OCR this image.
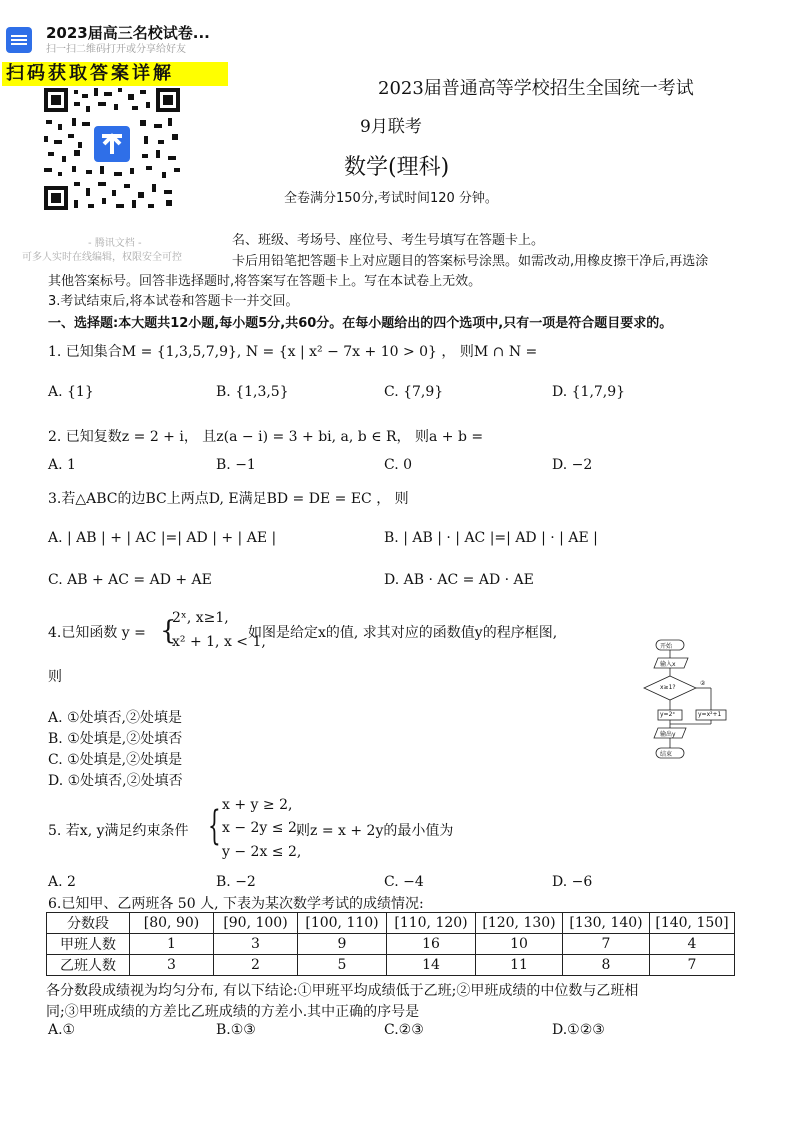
2023届高三名校试卷...
扫一扫二维码打开或分享给好友
扫码获取答案详解
- 腾讯文档 -
可多人实时在线编辑，权限安全可控
2023届普通高等学校招生全国统一考试
9月联考
数学(理科)
全卷满分150分,考试时间120 分钟。
名、班级、考场号、座位号、考生号填写在答题卡上。
卡后用铅笔把答题卡上对应题目的答案标号涂黑。如需改动,用橡皮擦干净后,再选涂
其他答案标号。回答非选择题时,将答案写在答题卡上。写在本试卷上无效。
3.考试结束后,将本试卷和答题卡一并交回。
一、选择题:本大题共12小题,每小题5分,共60分。在每小题给出的四个选项中,只有一项是符合题目要求的。
1. 已知集合M = {1,3,5,7,9}, N = {x | x² − 7x + 10 > 0} ， 则M ∩ N =
A. {1}	B. {1,3,5}	C. {7,9}	D. {1,7,9}
2. 已知复数z = 2 + i， 且z(a − i) = 3 + bi, a, b ∈ R， 则a + b =
A. 1	B. −1	C. 0	D. −2
3.若△ABC的边BC上两点D, E满足BD = DE = EC ， 则
A. | AB | + | AC |=| AD | + | AE |	B. | AB | · | AC |=| AD | · | AE |
C. AB + AC = AD + AE	D. AB · AC = AD · AE
4.已知函数 y = {
2ˣ, x≥1,
x² + 1, x < 1,
如图是给定x的值, 求其对应的函数值y的程序框图,
则
A. ①处填否,②处填是
B. ①处填是,②处填否
C. ①处填是,②处填是
D. ①处填否,②处填否
开始
输入x
x≥1?
②
y=2ˣ	y=x²+1
输出y
结束
5. 若x, y满足约束条件 { x + y ≥ 2,
x − 2y ≤ 2,
y − 2x ≤ 2,
则z = x + 2y的最小值为
A. 2	B. −2	C. −4	D. −6
6.已知甲、乙两班各 50 人, 下表为某次数学考试的成绩情况:
分数段	[80, 90)	[90, 100)	[100, 110)	[110, 120)	[120, 130)	[130, 140)	[140, 150]
甲班人数	1	3	9	16	10	7	4
乙班人数	3	2	5	14	11	8	7
各分数段成绩视为均匀分布, 有以下结论:①甲班平均成绩低于乙班;②甲班成绩的中位数与乙班相
同;③甲班成绩的方差比乙班成绩的方差小.其中正确的序号是
A.①	B.①③	C.②③	D.①②③
